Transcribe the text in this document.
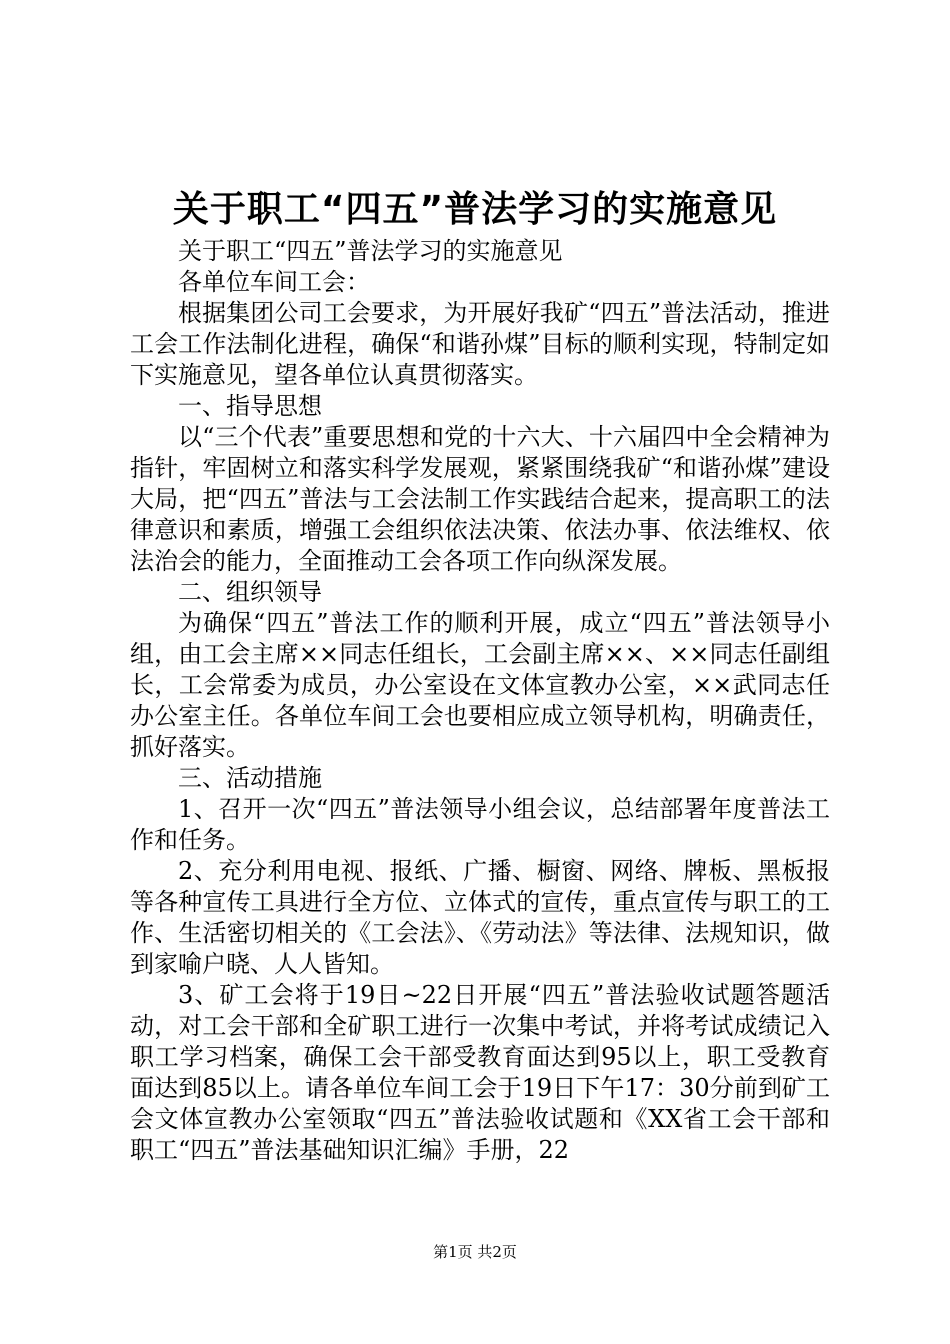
关于职工“四五”普法学习的实施意见

关于职工“四五”普法学习的实施意见

各单位车间工会：

根据集团公司工会要求，为开展好我矿“四五”普法活动，推进工会工作法制化进程，确保“和谐孙煤”目标的顺利实现，特制定如下实施意见，望各单位认真贯彻落实。

一、指导思想

以“三个代表”重要思想和党的十六大、十六届四中全会精神为指针，牢固树立和落实科学发展观，紧紧围绕我矿“和谐孙煤”建设大局，把“四五”普法与工会法制工作实践结合起来，提高职工的法律意识和素质，增强工会组织依法决策、依法办事、依法维权、依法治会的能力，全面推动工会各项工作向纵深发展。

二、组织领导

为确保“四五”普法工作的顺利开展，成立“四五”普法领导小组，由工会主席××同志任组长，工会副主席××、××同志任副组长，工会常委为成员，办公室设在文体宣教办公室，××武同志任办公室主任。各单位车间工会也要相应成立领导机构，明确责任，抓好落实。

三、活动措施

1、召开一次“四五”普法领导小组会议，总结部署年度普法工作和任务。

2、充分利用电视、报纸、广播、橱窗、网络、牌板、黑板报等各种宣传工具进行全方位、立体式的宣传，重点宣传与职工的工作、生活密切相关的《工会法》、《劳动法》等法律、法规知识，做到家喻户晓、人人皆知。

3、矿工会将于19日~22日开展“四五”普法验收试题答题活动，对工会干部和全矿职工进行一次集中考试，并将考试成绩记入职工学习档案，确保工会干部受教育面达到95以上，职工受教育面达到85以上。请各单位车间工会于19日下午17：30分前到矿工会文体宣教办公室领取“四五”普法验收试题和《XX省工会干部和职工“四五”普法基础知识汇编》手册，22

第1页 共2页
